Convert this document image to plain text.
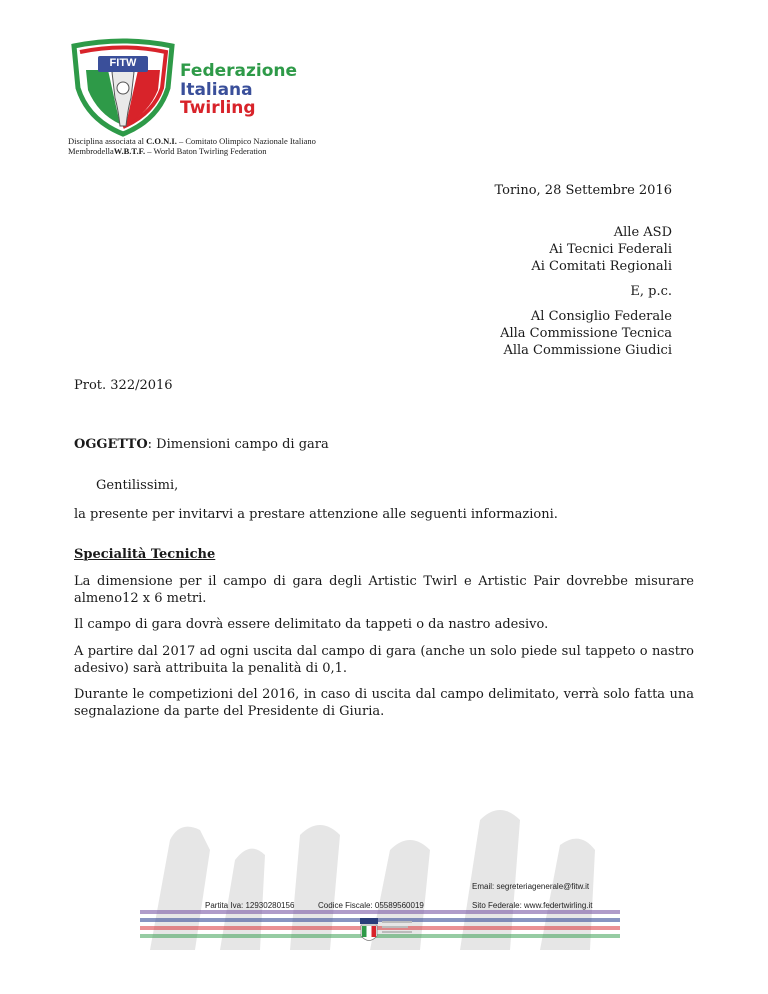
FITW	Federazione
Italiana
Twirling
Disciplina associata al C.O.N.I. – Comitato Olimpico Nazionale Italiano
MembrodellaW.B.T.F. – World Baton Twirling Federation
Torino, 28 Settembre 2016
Alle ASD
Ai Tecnici Federali
Ai Comitati Regionali
E, p.c.
Al Consiglio Federale
Alla Commissione Tecnica
Alla Commissione Giudici
Prot. 322/2016
OGGETTO: Dimensioni campo di gara
Gentilissimi,
la presente per invitarvi a prestare attenzione alle seguenti informazioni.
Specialità Tecniche
La dimensione per il campo di gara degli Artistic Twirl e Artistic Pair dovrebbe misurare almeno12 x 6 metri.
Il campo di gara dovrà essere delimitato da tappeti o da nastro adesivo.
A partire dal 2017 ad ogni uscita dal campo di gara (anche un solo piede sul tappeto o nastro adesivo) sarà attribuita la penalità di 0,1.
Durante le competizioni del 2016, in caso di uscita dal campo delimitato, verrà solo fatta una segnalazione da parte del Presidente di Giuria.
Email: segreteriagenerale@fitw.it
Partita Iva: 12930280156	Codice Fiscale: 05589560019	Sito Federale: www.federtwirling.it
